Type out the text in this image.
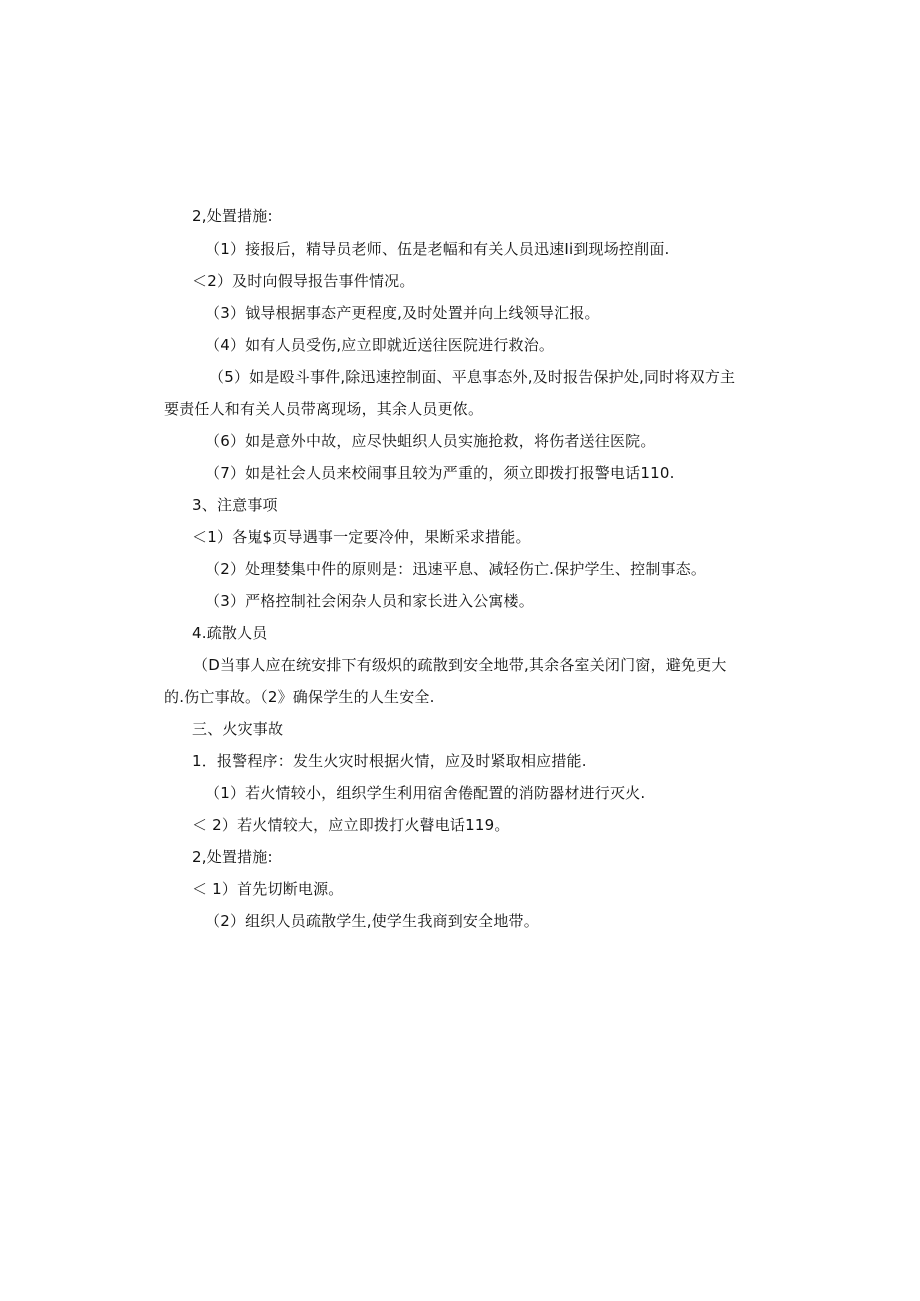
2,处置措施:
（1）接报后，精导员老师、伍是老幅和有关人员迅速Ii到现场控削面.
＜2）及时向假导报告事件情况。
（3）钺导根据事态产更程度,及时处置并向上线领导汇报。
（4）如有人员受伤,应立即就近送往医院进行救治。
（5）如是殴斗事件,除迅速控制面、平息事态外,及时报告保护处,同时将双方主
要责任人和有关人员带离现场，其余人员更侬。
（6）如是意外中故，应尽快蛆织人员实施抢救，将伤者送往医院。
（7）如是社会人员来校闹事且较为严重的，须立即拨打报警电话110.
3、注意事项
＜1）各嵬$页导遇事一定要冷仲，果断采求措能。
（2）处理婪集中件的原则是：迅速平息、减轻伤亡.保护学生、控制事态。
（3）严格控制社会闲杂人员和家长进入公寓楼。
4.疏散人员
（D当事人应在统安排下有级炽的疏散到安全地带,其余各室关闭门窗，避免更大
的.伤亡事故。（2》确保学生的人生安全.
三、火灾事故
1．报警程序：发生火灾时根据火情，应及时紧取相应措能.
（1）若火情较小，组织学生利用宿舍倦配置的消防器材进行灭火.
＜ 2）若火情较大，应立即拨打火瞽电话119。
2,处置措施:
＜ 1）首先切断电源。
（2）组织人员疏散学生,使学生我商到安全地带。
